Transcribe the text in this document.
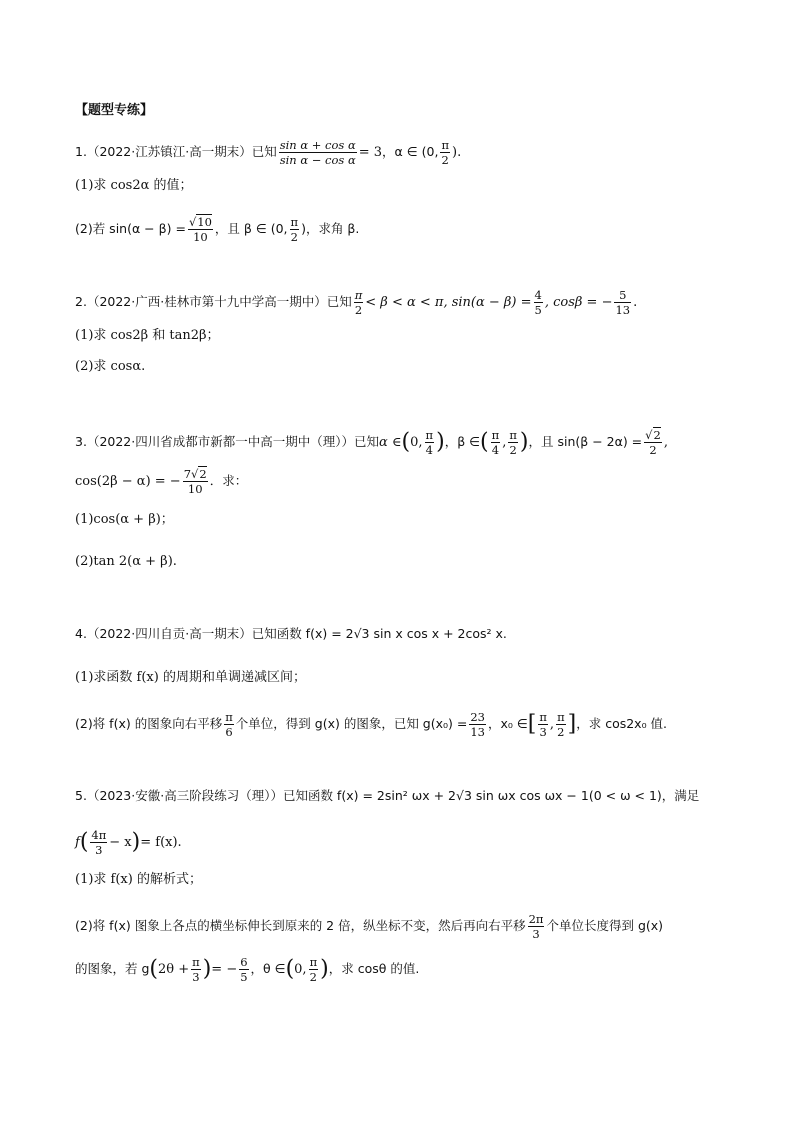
【题型专练】
1.（2022·江苏镇江·高一期末）已知 $\frac{\text{sin α + cos α}}{\text{sin α − cos α}} = 3$，α ∈ (0, $\frac{\pi}{2}$ ).
(1)求 cos2α 的值；
(2)若 $\sin(\alpha - \beta) = \frac{√10}{10}$ ，且 β ∈ (0, $\frac{\pi}{2}$ )，求角 β.
2.（2022·广西·桂林市第十九中学高一期中）已知 $\frac{\pi}{2} < \beta < \alpha < \pi$, $\sin(\alpha - \beta) = \frac{4}{5}$ , cosβ = − $\frac{5}{13}$ .
(1)求 cos2β 和 tan2β；
(2)求 cosα.
3.（2022·四川省成都市新都一中高一期中（理））已知α ∈(0, $\frac{\pi}{4}$ )，β ∈( $\frac{\pi}{4}$ , $\frac{\pi}{2}$ )，且 $\sin(\beta - 2\alpha) = \frac{√2}{2}$ ,
cos(2β − α) = − $\frac{7√2}{10}$ ．求：
(1)cos(α + β)；
(2)tan 2(α + β).
4.（2022·四川自贡·高一期末）已知函数 f(x) = 2√3 sin x cos x + 2cos² x.
(1)求函数 f(x) 的周期和单调递减区间；
(2)将 f(x) 的图象向右平移 $\frac{\pi}{6}$ 个单位，得到 g(x) 的图象，已知 $g(x_0) = \frac{23}{13}$ ，x₀ ∈[ $\frac{\pi}{3}$ , $\frac{\pi}{2}$ ]，求 cos2x₀ 值.
5.（2023·安徽·高三阶段练习（理））已知函数 f(x) = 2sin² ωx + 2√3 sin ωx cos ωx − 1(0 < ω < 1)，满足
$f( \frac{4\pi}{3} - x)= f(x)$.
(1)求 f(x) 的解析式；
(2)将 f(x) 图象上各点的横坐标伸长到原来的 2 倍，纵坐标不变，然后再向右平移 $\frac{2\pi}{3}$ 个单位长度得到 g(x)
的图象，若 $g(2\theta + \frac{\pi}{3}$ )= − $\frac{6}{5}$ ，θ ∈(0, $\frac{\pi}{2}$ )，求 cosθ 的值.
